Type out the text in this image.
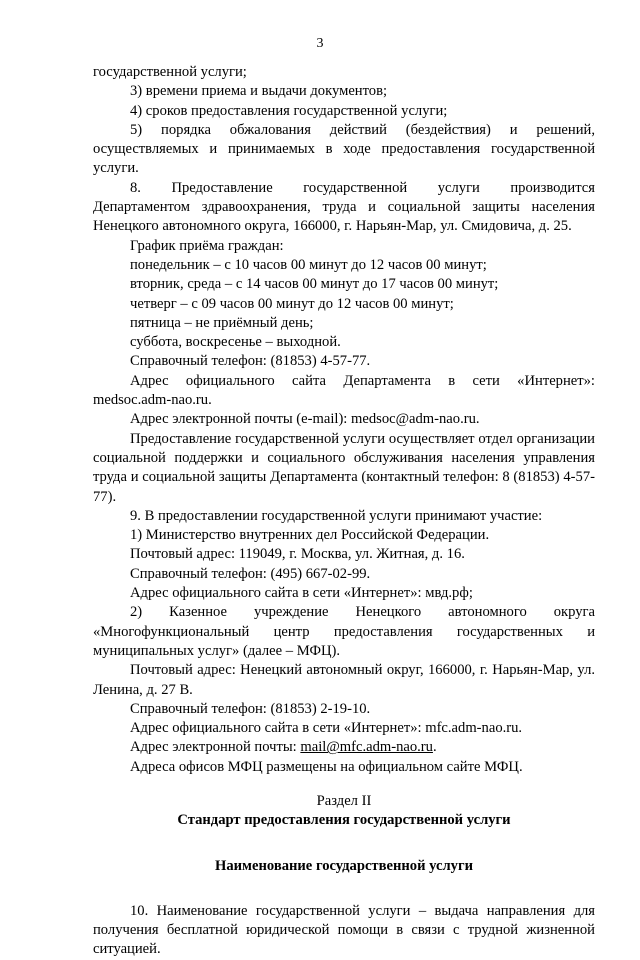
3

государственной услуги;

3) времени приема и выдачи документов;

4) сроков предоставления государственной услуги;

5) порядка обжалования действий (бездействия) и решений,

осуществляемых и принимаемых в ходе предоставления государственной услуги.

8. Предоставление государственной услуги производится

Департаментом здравоохранения, труда и социальной защиты населения

Ненецкого автономного округа, 166000, г. Нарьян-Мар, ул. Смидовича, д. 25.

График приёма граждан:

понедельник – с 10 часов 00 минут до 12 часов 00 минут;

вторник, среда – с 14 часов 00 минут до 17 часов 00 минут;

четверг – с 09 часов 00 минут до 12 часов 00 минут;

пятница – не приёмный день;

суббота, воскресенье – выходной.

Справочный телефон: (81853) 4-57-77.

Адрес официального сайта Департамента в сети «Интернет»:

medsoc.adm-nao.ru.

Адрес электронной почты (e-mail): medsoc@adm-nao.ru.

Предоставление государственной услуги осуществляет отдел организации социальной поддержки и социального обслуживания населения управления труда и социальной защиты Департамента (контактный телефон: 8 (81853) 4-57-77).

9. В предоставлении государственной услуги принимают участие:

1) Министерство внутренних дел Российской Федерации.

Почтовый адрес: 119049, г. Москва, ул. Житная, д. 16.

Справочный телефон: (495) 667-02-99.

Адрес официального сайта в сети «Интернет»: мвд.рф;

2) Казенное учреждение Ненецкого автономного округа «Многофункциональный центр предоставления государственных и муниципальных услуг» (далее – МФЦ).

Почтовый адрес: Ненецкий автономный округ, 166000, г. Нарьян-Мар, ул. Ленина, д. 27 В.

Справочный телефон: (81853) 2-19-10.

Адрес официального сайта в сети «Интернет»: mfc.adm-nao.ru.

Адрес электронной почты: mail@mfc.adm-nao.ru.

Адреса офисов МФЦ размещены на официальном сайте МФЦ.

Раздел II

Стандарт предоставления государственной услуги

Наименование государственной услуги

10. Наименование государственной услуги – выдача направления для получения бесплатной юридической помощи в связи с трудной жизненной ситуацией.
